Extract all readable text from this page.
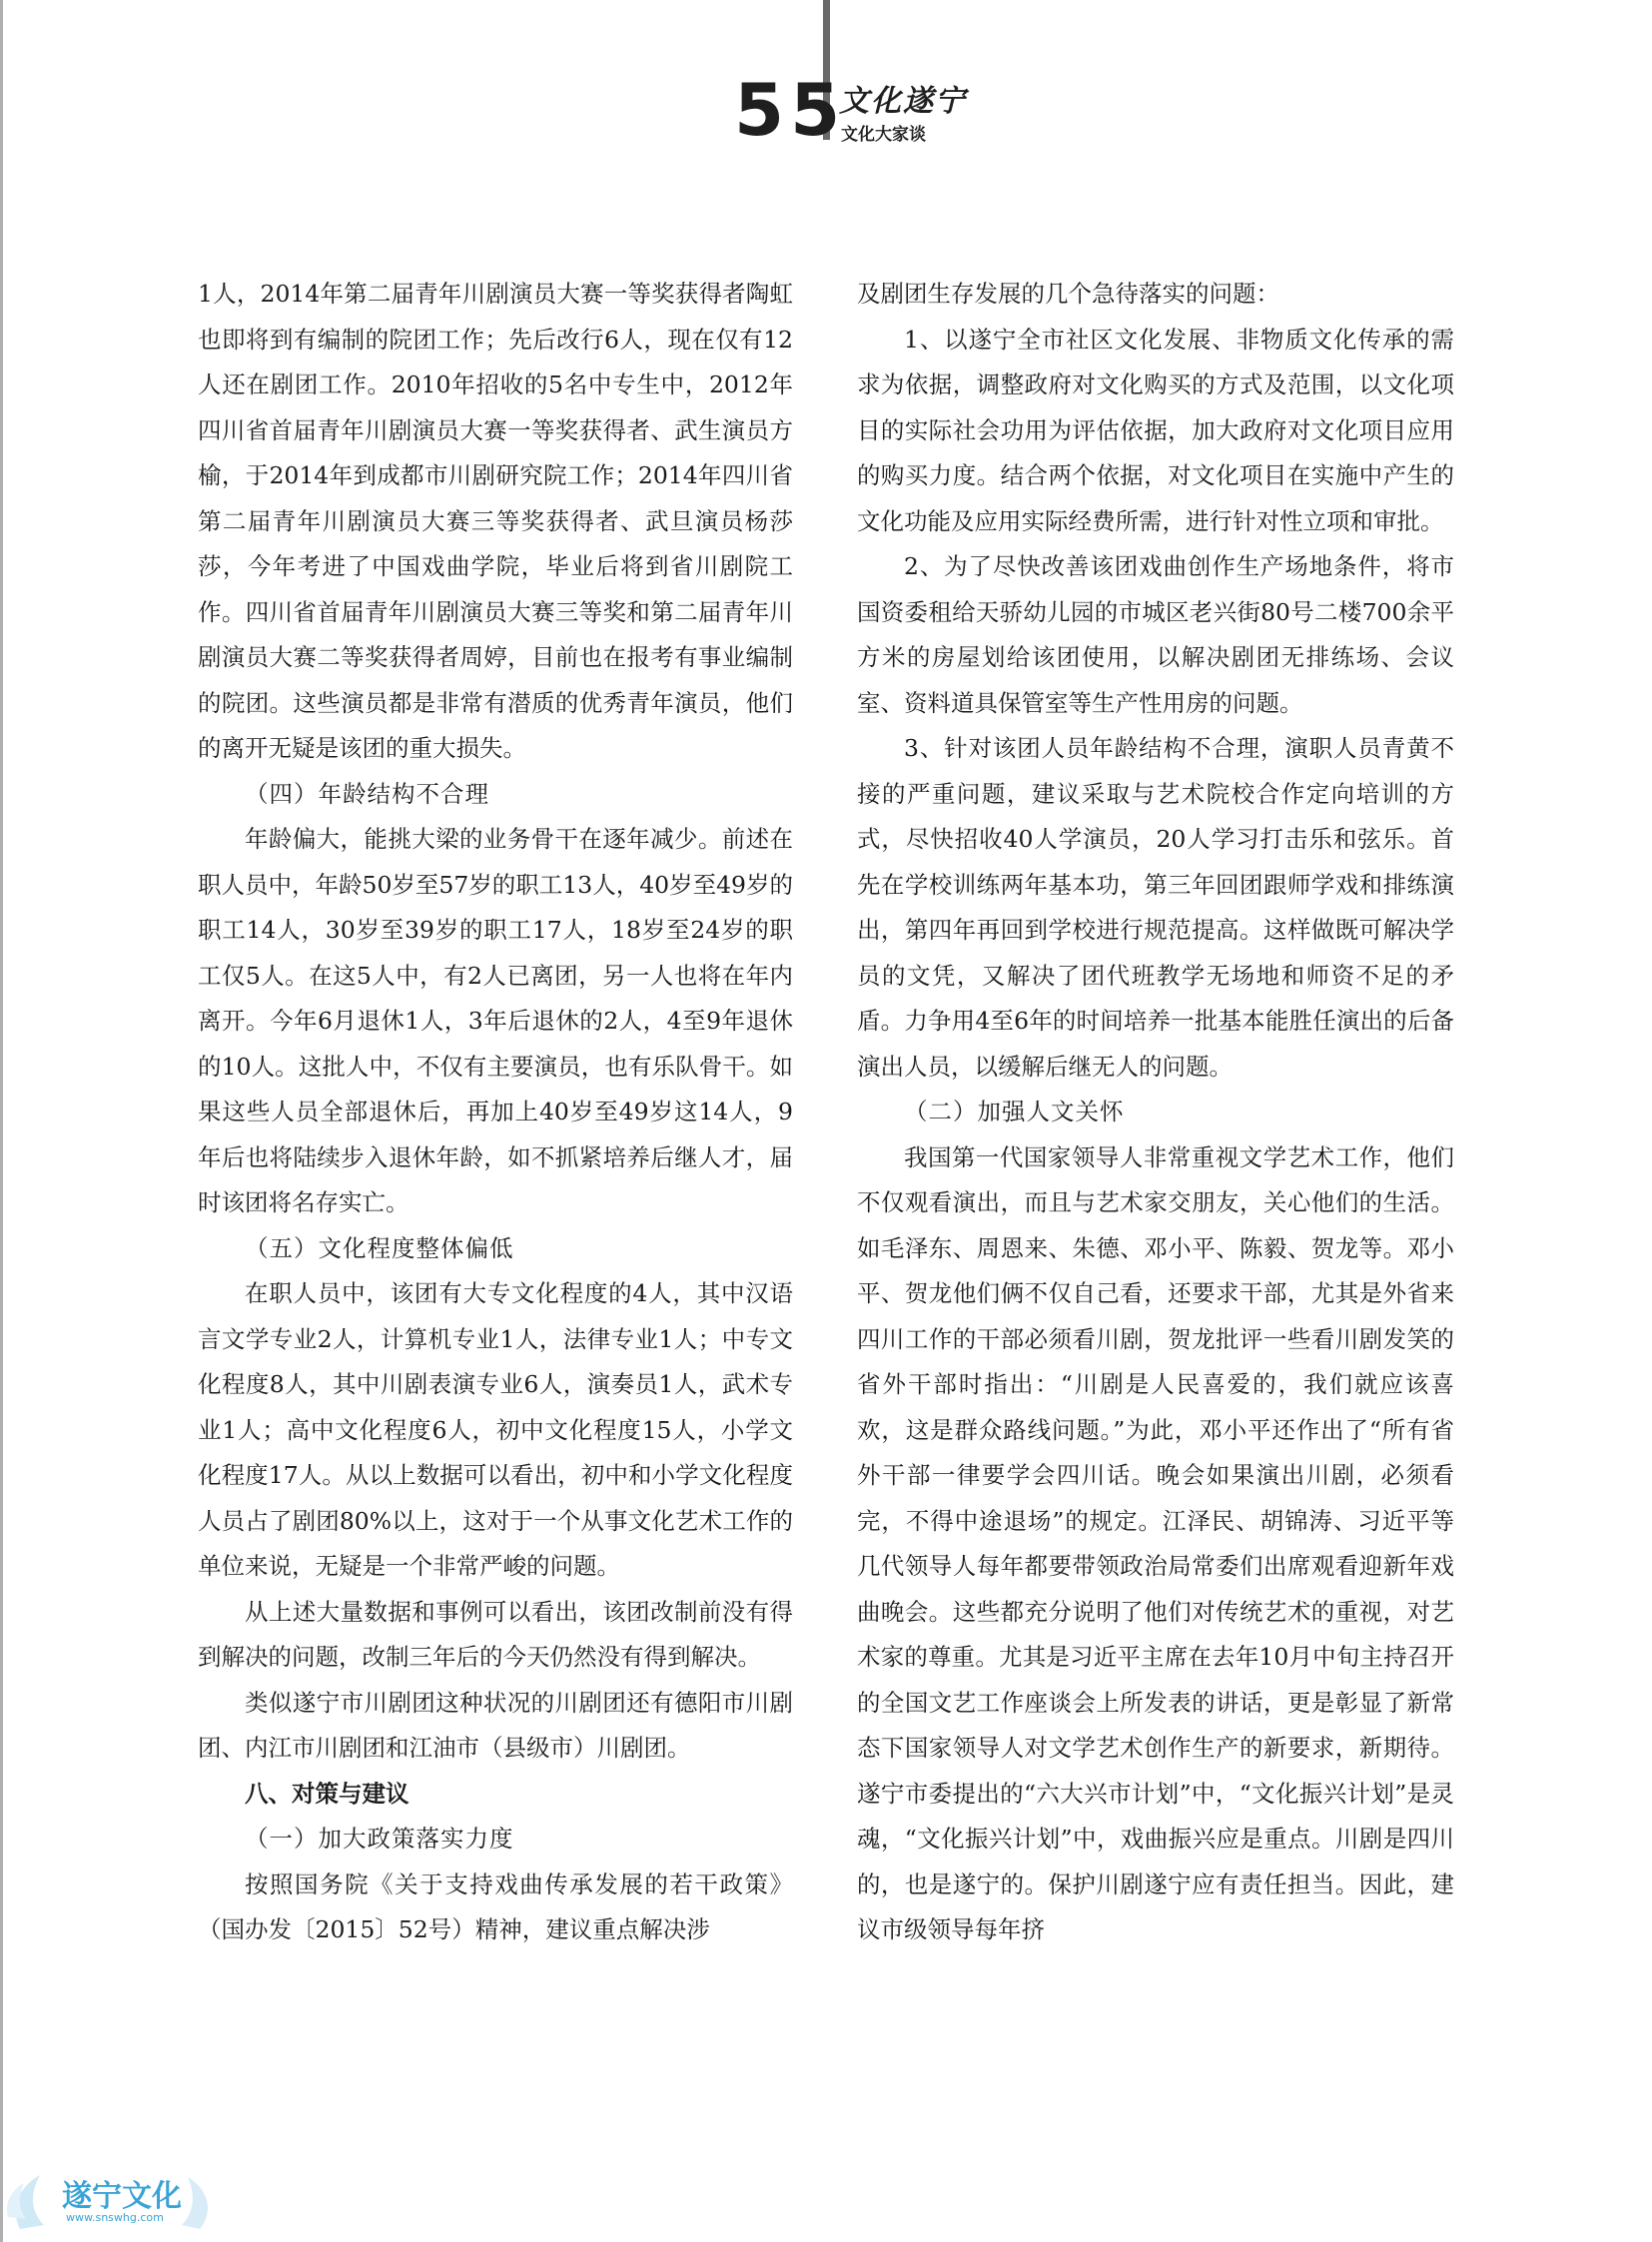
55
文化遂宁
文化大家谈

1人，2014年第二届青年川剧演员大赛一等奖获得者陶虹也即将到有编制的院团工作；先后改行6人，现在仅有12人还在剧团工作。2010年招收的5名中专生中，2012年四川省首届青年川剧演员大赛一等奖获得者、武生演员方榆，于2014年到成都市川剧研究院工作；2014年四川省第二届青年川剧演员大赛三等奖获得者、武旦演员杨莎莎，今年考进了中国戏曲学院，毕业后将到省川剧院工作。四川省首届青年川剧演员大赛三等奖和第二届青年川剧演员大赛二等奖获得者周婷，目前也在报考有事业编制的院团。这些演员都是非常有潜质的优秀青年演员，他们的离开无疑是该团的重大损失。

（四）年龄结构不合理

年龄偏大，能挑大梁的业务骨干在逐年减少。前述在职人员中，年龄50岁至57岁的职工13人，40岁至49岁的职工14人，30岁至39岁的职工17人，18岁至24岁的职工仅5人。在这5人中，有2人已离团，另一人也将在年内离开。今年6月退休1人，3年后退休的2人，4至9年退休的10人。这批人中，不仅有主要演员，也有乐队骨干。如果这些人员全部退休后，再加上40岁至49岁这14人，9年后也将陆续步入退休年龄，如不抓紧培养后继人才，届时该团将名存实亡。

（五）文化程度整体偏低

在职人员中，该团有大专文化程度的4人，其中汉语言文学专业2人，计算机专业1人，法律专业1人；中专文化程度8人，其中川剧表演专业6人，演奏员1人，武术专业1人；高中文化程度6人，初中文化程度15人，小学文化程度17人。从以上数据可以看出，初中和小学文化程度人员占了剧团80%以上，这对于一个从事文化艺术工作的单位来说，无疑是一个非常严峻的问题。

从上述大量数据和事例可以看出，该团改制前没有得到解决的问题，改制三年后的今天仍然没有得到解决。

类似遂宁市川剧团这种状况的川剧团还有德阳市川剧团、内江市川剧团和江油市（县级市）川剧团。

八、对策与建议

（一）加大政策落实力度

按照国务院《关于支持戏曲传承发展的若干政策》（国办发〔2015〕52号）精神，建议重点解决涉

及剧团生存发展的几个急待落实的问题：

1、以遂宁全市社区文化发展、非物质文化传承的需求为依据，调整政府对文化购买的方式及范围，以文化项目的实际社会功用为评估依据，加大政府对文化项目应用的购买力度。结合两个依据，对文化项目在实施中产生的文化功能及应用实际经费所需，进行针对性立项和审批。

2、为了尽快改善该团戏曲创作生产场地条件，将市国资委租给天骄幼儿园的市城区老兴街80号二楼700余平方米的房屋划给该团使用，以解决剧团无排练场、会议室、资料道具保管室等生产性用房的问题。

3、针对该团人员年龄结构不合理，演职人员青黄不接的严重问题，建议采取与艺术院校合作定向培训的方式，尽快招收40人学演员，20人学习打击乐和弦乐。首先在学校训练两年基本功，第三年回团跟师学戏和排练演出，第四年再回到学校进行规范提高。这样做既可解决学员的文凭，又解决了团代班教学无场地和师资不足的矛盾。力争用4至6年的时间培养一批基本能胜任演出的后备演出人员，以缓解后继无人的问题。

（二）加强人文关怀

我国第一代国家领导人非常重视文学艺术工作，他们不仅观看演出，而且与艺术家交朋友，关心他们的生活。如毛泽东、周恩来、朱德、邓小平、陈毅、贺龙等。邓小平、贺龙他们俩不仅自己看，还要求干部，尤其是外省来四川工作的干部必须看川剧，贺龙批评一些看川剧发笑的省外干部时指出：“川剧是人民喜爱的，我们就应该喜欢，这是群众路线问题。”为此，邓小平还作出了“所有省外干部一律要学会四川话。晚会如果演出川剧，必须看完，不得中途退场”的规定。江泽民、胡锦涛、习近平等几代领导人每年都要带领政治局常委们出席观看迎新年戏曲晚会。这些都充分说明了他们对传统艺术的重视，对艺术家的尊重。尤其是习近平主席在去年10月中旬主持召开的全国文艺工作座谈会上所发表的讲话，更是彰显了新常态下国家领导人对文学艺术创作生产的新要求，新期待。遂宁市委提出的“六大兴市计划”中，“文化振兴计划”是灵魂，“文化振兴计划”中，戏曲振兴应是重点。川剧是四川的，也是遂宁的。保护川剧遂宁应有责任担当。因此，建议市级领导每年挤

遂宁文化
www.snswhg.com
